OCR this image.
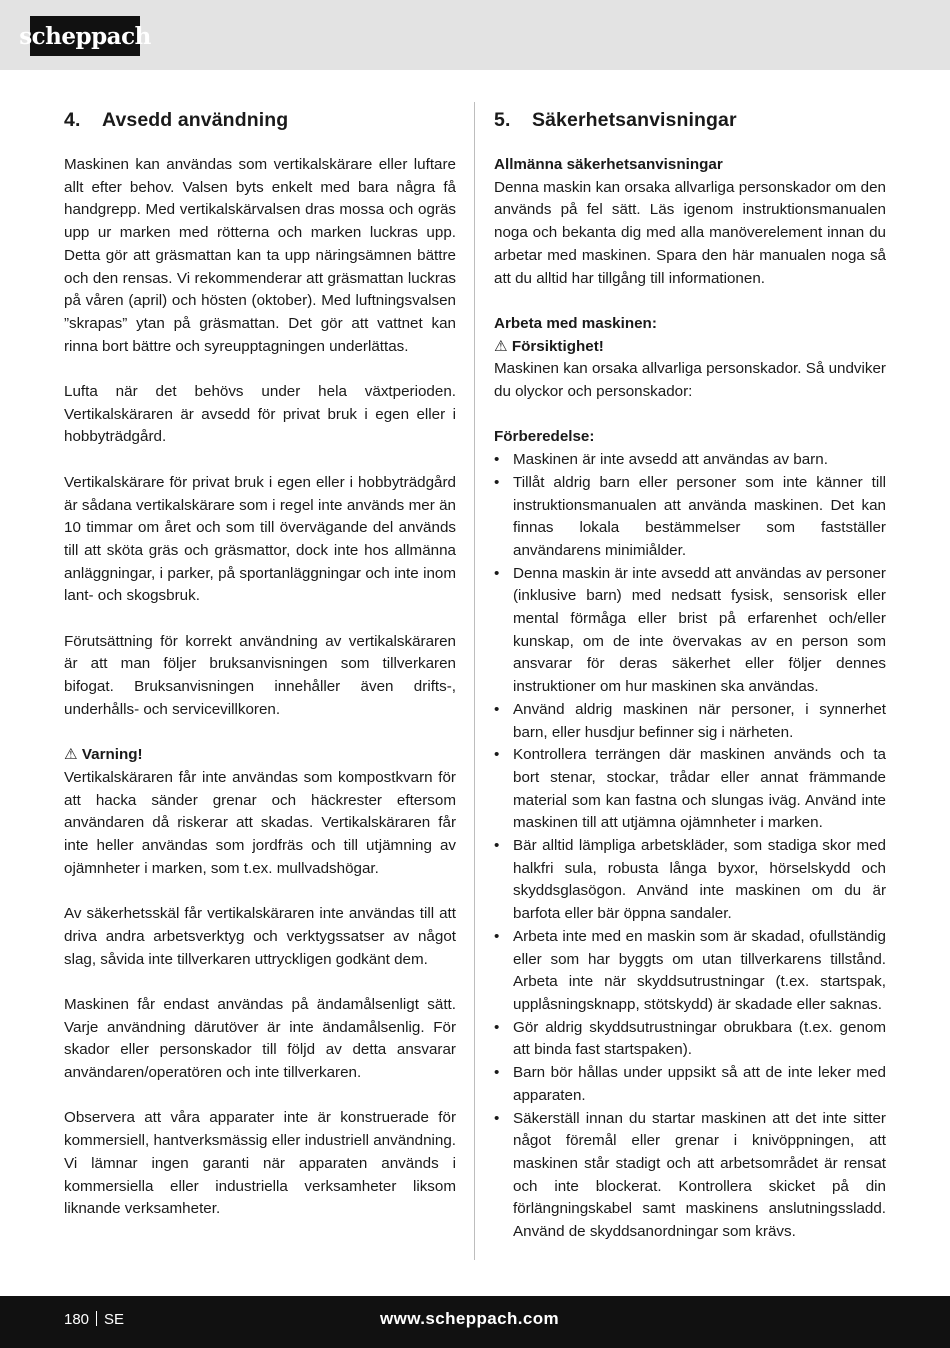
scheppach
4. Avsedd användning

Maskinen kan användas som vertikalskärare eller luftare allt efter behov. Valsen byts enkelt med bara några få handgrepp. Med vertikalskärvalsen dras mossa och ogräs upp ur marken med rötterna och marken luckras upp. Detta gör att gräsmattan kan ta upp näringsämnen bättre och den rensas. Vi rekommenderar att gräsmattan luckras på våren (april) och hösten (oktober). Med luftningsvalsen ”skrapas” ytan på gräsmattan. Det gör att vattnet kan rinna bort bättre och syreupptagningen underlättas.

Lufta när det behövs under hela växtperioden. Vertikalskäraren är avsedd för privat bruk i egen eller i hobbyträdgård.

Vertikalskärare för privat bruk i egen eller i hobbyträdgård är sådana vertikalskärare som i regel inte används mer än 10 timmar om året och som till övervägande del används till att sköta gräs och gräsmattor, dock inte hos allmänna anläggningar, i parker, på sportanläggningar och inte inom lant- och skogsbruk.

Förutsättning för korrekt användning av vertikalskäraren är att man följer bruksanvisningen som tillverkaren bifogat. Bruksanvisningen innehåller även drifts-, underhålls- och servicevillkoren.

⚠ Varning!

Vertikalskäraren får inte användas som kompostkvarn för att hacka sänder grenar och häckrester eftersom användaren då riskerar att skadas. Vertikalskäraren får inte heller användas som jordfräs och till utjämning av ojämnheter i marken, som t.ex. mullvadshögar.

Av säkerhetsskäl får vertikalskäraren inte användas till att driva andra arbetsverktyg och verktygssatser av något slag, såvida inte tillverkaren uttryckligen godkänt dem.

Maskinen får endast användas på ändamålsenligt sätt. Varje användning därutöver är inte ändamålsenlig. För skador eller personskador till följd av detta ansvarar användaren/operatören och inte tillverkaren.

Observera att våra apparater inte är konstruerade för kommersiell, hantverksmässig eller industriell användning. Vi lämnar ingen garanti när apparaten används i kommersiella eller industriella verksamheter liksom liknande verksamheter.

5. Säkerhetsanvisningar

Allmänna säkerhetsanvisningar

Denna maskin kan orsaka allvarliga personskador om den används på fel sätt. Läs igenom instruktionsmanualen noga och bekanta dig med alla manöverelement innan du arbetar med maskinen. Spara den här manualen noga så att du alltid har tillgång till informationen.

Arbeta med maskinen:

⚠ Försiktighet!

Maskinen kan orsaka allvarliga personskador. Så undviker du olyckor och personskador:

Förberedelse:

• Maskinen är inte avsedd att användas av barn.
• Tillåt aldrig barn eller personer som inte känner till instruktionsmanualen att använda maskinen. Det kan finnas lokala bestämmelser som fastställer användarens minimiålder.
• Denna maskin är inte avsedd att användas av personer (inklusive barn) med nedsatt fysisk, sensorisk eller mental förmåga eller brist på erfarenhet och/eller kunskap, om de inte övervakas av en person som ansvarar för deras säkerhet eller följer dennes instruktioner om hur maskinen ska användas.
• Använd aldrig maskinen när personer, i synnerhet barn, eller husdjur befinner sig i närheten.
• Kontrollera terrängen där maskinen används och ta bort stenar, stockar, trådar eller annat främmande material som kan fastna och slungas iväg. Använd inte maskinen till att utjämna ojämnheter i marken.
• Bär alltid lämpliga arbetskläder, som stadiga skor med halkfri sula, robusta långa byxor, hörselskydd och skyddsglasögon. Använd inte maskinen om du är barfota eller bär öppna sandaler.
• Arbeta inte med en maskin som är skadad, ofullständig eller som har byggts om utan tillverkarens tillstånd. Arbeta inte när skyddsutrustningar (t.ex. startspak, upplåsningsknapp, stötskydd) är skadade eller saknas.
• Gör aldrig skyddsutrustningar obrukbara (t.ex. genom att binda fast startspaken).
• Barn bör hållas under uppsikt så att de inte leker med apparaten.
• Säkerställ innan du startar maskinen att det inte sitter något föremål eller grenar i knivöppningen, att maskinen står stadigt och att arbetsområdet är rensat och inte blockerat. Kontrollera skicket på din förlängningskabel samt maskinens anslutningssladd. Använd de skyddsanordningar som krävs.
180 SE	www.scheppach.com
